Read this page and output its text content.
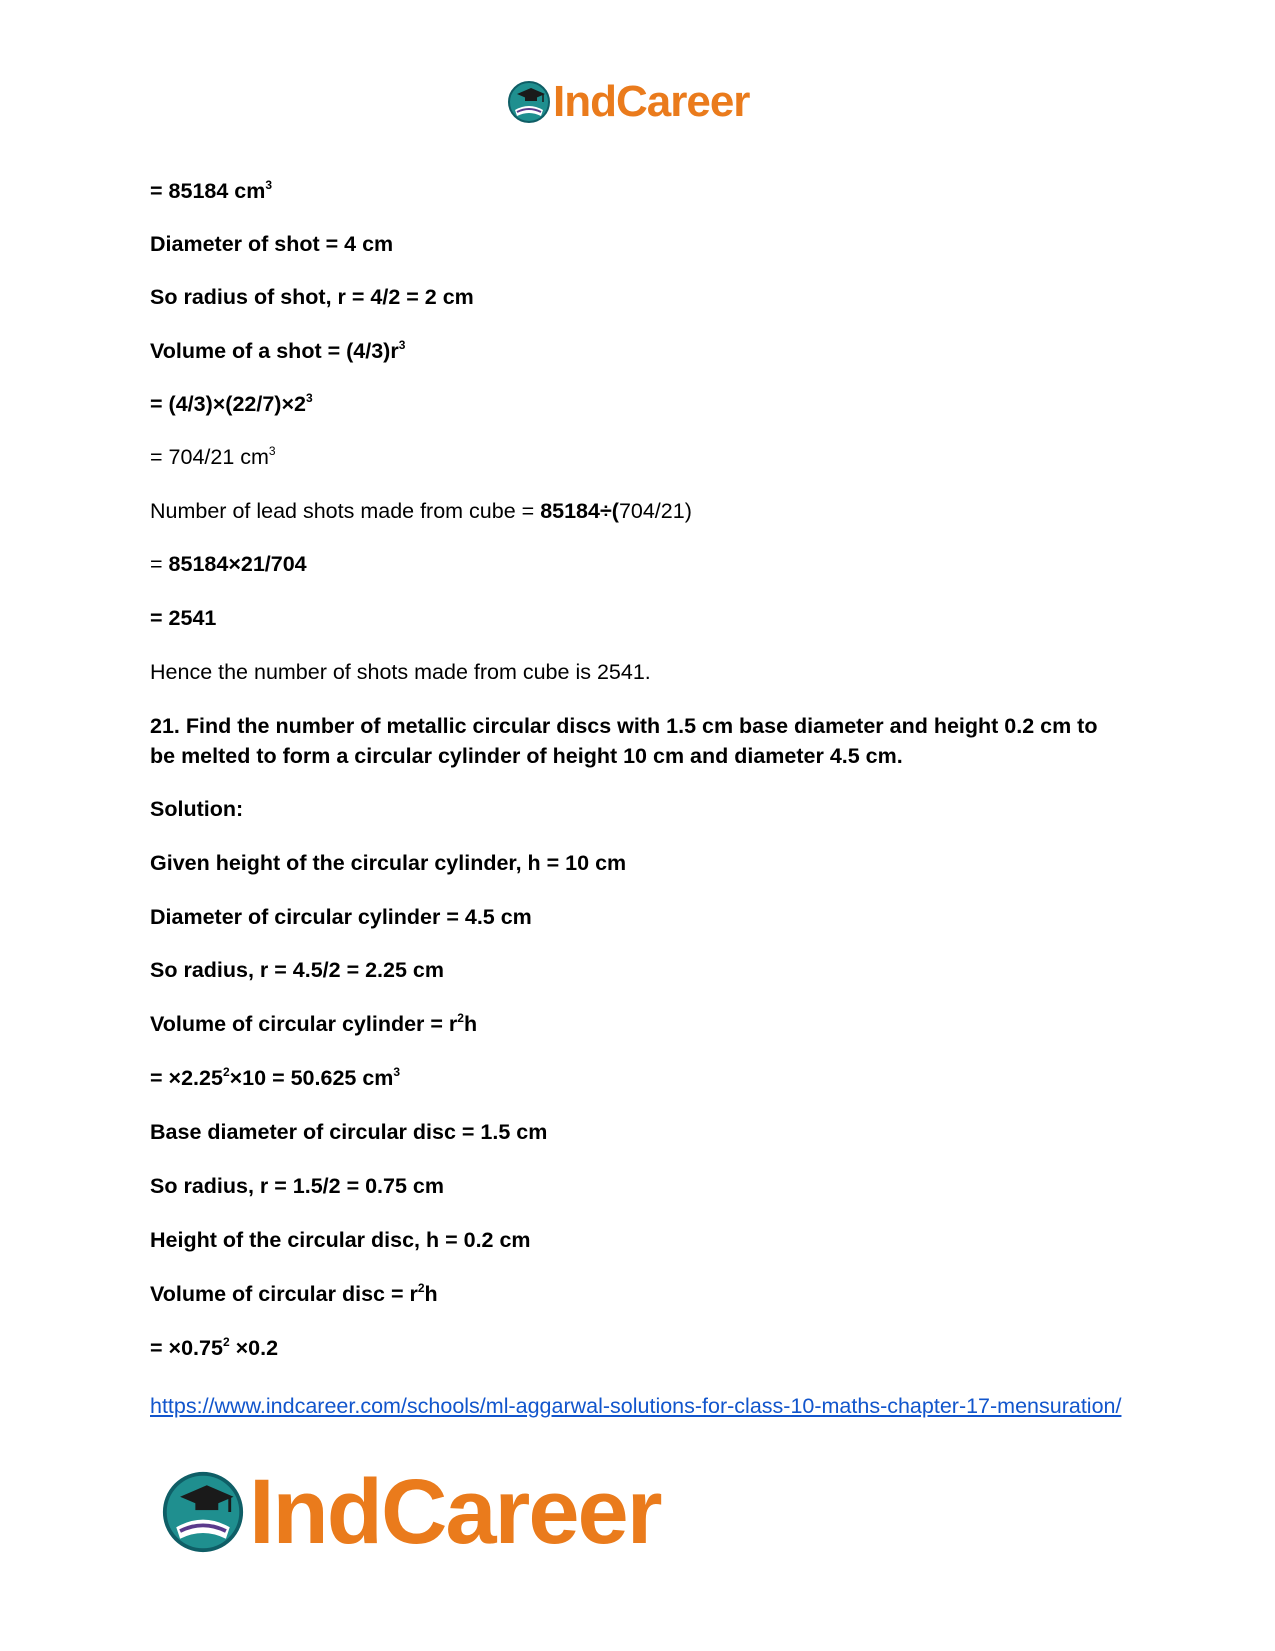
IndCareer
= 85184 $cm^3$
Diameter of shot = 4 cm
So radius of shot, r = 4/2 = 2 cm
Volume of a shot = $(4/3)r^3$
= $(4/3)\times(22/7)\times 2^3$
= 704/21 $cm^3$
Number of lead shots made from cube = 85184÷(704/21)
= 85184×21/704
= 2541
Hence the number of shots made from cube is 2541.
21. Find the number of metallic circular discs with 1.5 cm base diameter and height 0.2 cm to be melted to form a circular cylinder of height 10 cm and diameter 4.5 cm.
Solution:
Given height of the circular cylinder, h = 10 cm
Diameter of circular cylinder = 4.5 cm
So radius, r = 4.5/2 = 2.25 cm
Volume of circular cylinder = $r^2h$
= $\times 2.25^2\times 10 = 50.625$ $cm^3$
Base diameter of circular disc = 1.5 cm
So radius, r = 1.5/2 = 0.75 cm
Height of the circular disc, h = 0.2 cm
Volume of circular disc = $r^2h$
= $\times 0.75^2 \times 0.2$
https://www.indcareer.com/schools/ml-aggarwal-solutions-for-class-10-maths-chapter-17-mensuration/
IndCareer
